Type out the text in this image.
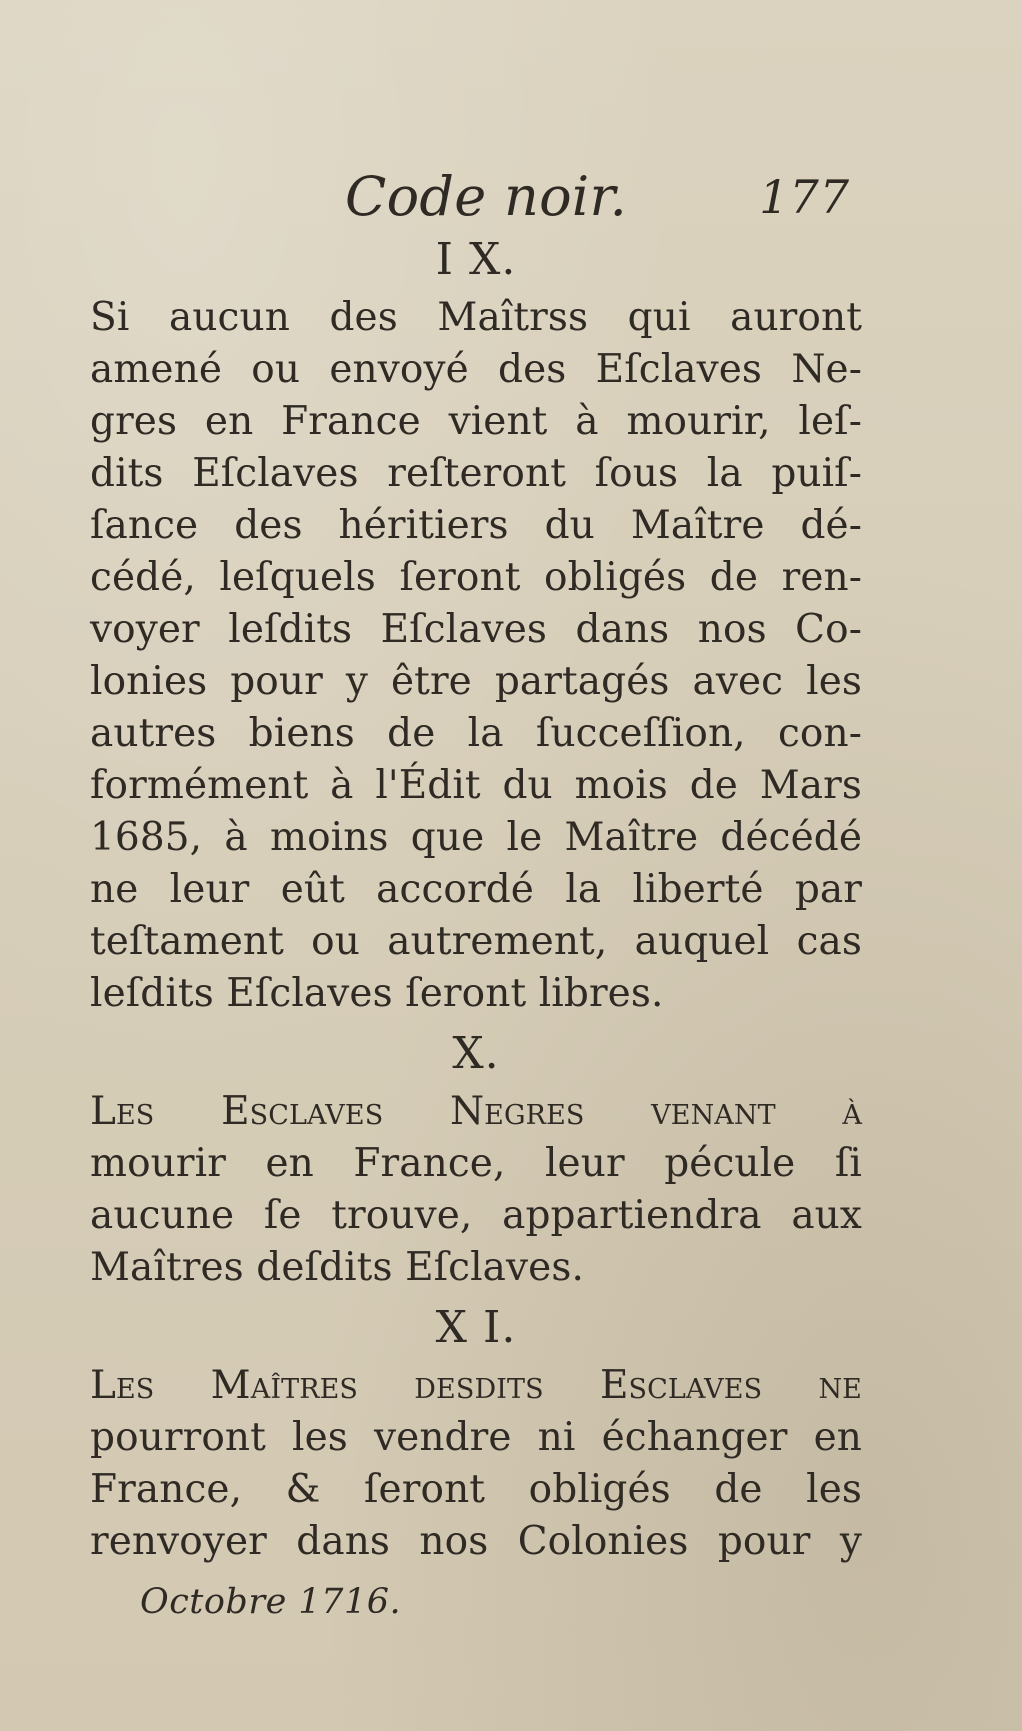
Code noir.	177
I X.
Si aucun des Maîtrss qui auront
amené ou envoyé des Eſclaves Ne-
gres en France vient à mourir, leſ-
dits Eſclaves reſteront ſous la puiſ-
ſance des héritiers du Maître dé-
cédé, leſquels ſeront obligés de ren-
voyer leſdits Eſclaves dans nos Co-
lonies pour y être partagés avec les
autres biens de la ſucceſſion, con-
formément à l'Édit du mois de Mars
1685, à moins que le Maître décédé
ne leur eût accordé la liberté par
teſtament ou autrement, auquel cas
leſdits Eſclaves ſeront libres.
X.
Les Eſclaves Negres venant à
mourir en France, leur pécule ſi
aucune ſe trouve, appartiendra aux
Maîtres deſdits Eſclaves.
X I.
Les Maîtres deſdits Eſclaves ne
pourront les vendre ni échanger en
France, & ſeront obligés de les
renvoyer dans nos Colonies pour y
Octobre 1716.
